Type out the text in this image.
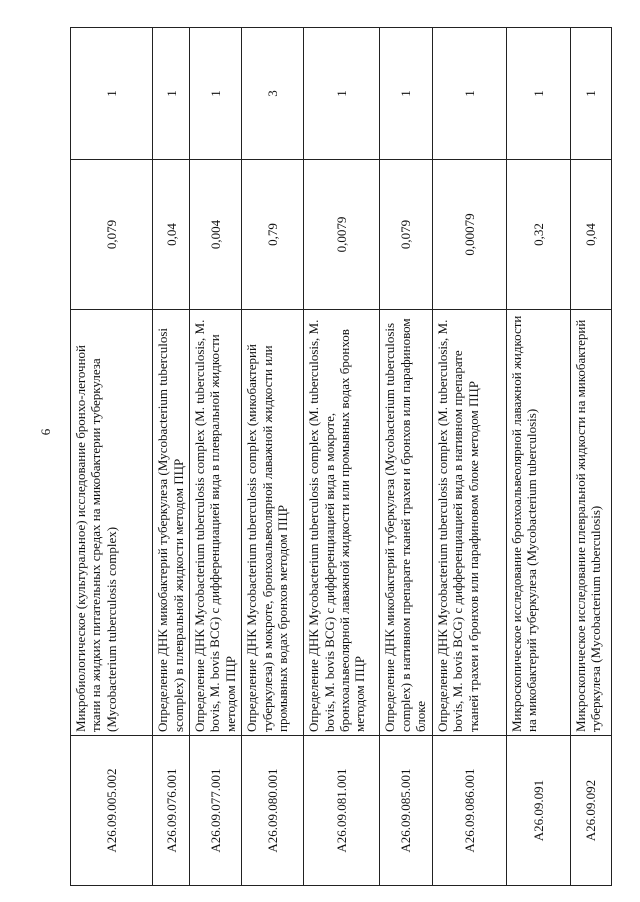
6
A26.09.005.002	Микробиологическое (культуральное) исследование бронхо-легочной ткани на жидких питательных средах на микобактерии туберкулеза (Mycobacterium tuberculosis complex)	0,079	1
A26.09.076.001	Определение ДНК микобактерий туберкулеза (Mycobacterium tuberculosi scomplex) в плевральной жидкости методом ПЦР	0,04	1
A26.09.077.001	Определение ДНК Mycobacterium tuberculosis complex (M. tuberculosis, M. bovis, M. bovis BCG) с дифференциацией вида в плевральной жидкости методом ПЦР	0,004	1
A26.09.080.001	Определение ДНК Mycobacterium tuberculosis complex (микобактерий туберкулеза) в мокроте, бронхоальвеолярной лаважной жидкости или промывных водах бронхов методом ПЦР	0,79	3
A26.09.081.001	Определение ДНК Mycobacterium tuberculosis complex (M. tuberculosis, M. bovis, M. bovis BCG) с дифференциацией вида в мокроте, бронхоальвеолярной лаважной жидкости или промывных водах бронхов методом ПЦР	0,0079	1
A26.09.085.001	Определение ДНК микобактерий туберкулеза (Mycobacterium tuberculosis complex) в нативном препарате тканей трахеи и бронхов или парафиновом блоке	0,079	1
A26.09.086.001	Определение ДНК Mycobacterium tuberculosis complex (M. tuberculosis, M. bovis, M. bovis BCG) с дифференциацией вида в нативном препарате тканей трахеи и бронхов или парафиновом блоке методом ПЦР	0,00079	1
A26.09.091	Микроскопическое исследование бронхоальвеолярной лаважной жидкости на микобактерий туберкулеза (Mycobacterium tuberculosis)	0,32	1
A26.09.092	Микроскопическое исследование плевральной жидкости на микобактерий туберкулеза (Mycobacterium tuberculosis)	0,04	1
